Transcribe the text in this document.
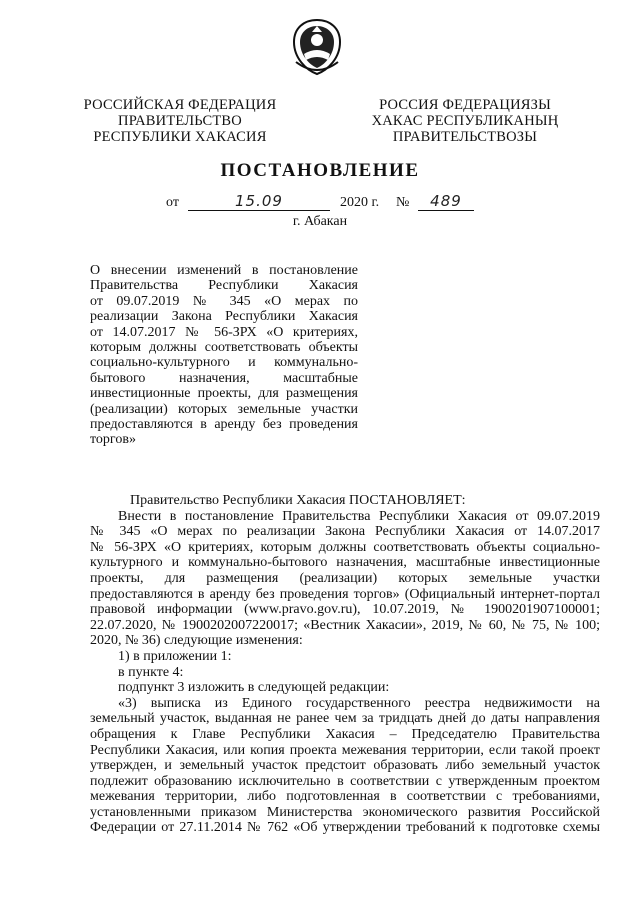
РОССИЙСКАЯ ФЕДЕРАЦИЯ
ПРАВИТЕЛЬСТВО
РЕСПУБЛИКИ ХАКАСИЯ
РОССИЯ ФЕДЕРАЦИЯЗЫ
ХАКАС РЕСПУБЛИКАНЫҢ
ПРАВИТЕЛЬСТВОЗЫ
ПОСТАНОВЛЕНИЕ
от	15.09	2020 г. №	489
г. Абакан
О внесении изменений в постановление
Правительства Республики Хакасия
от 09.07.2019 № 345 «О мерах по
реализации Закона Республики Хакасия
от 14.07.2017 № 56-ЗРХ «О критериях,
которым должны соответствовать объекты
социально-культурного и коммунально-
бытового назначения, масштабные
инвестиционные проекты, для размещения
(реализации) которых земельные участки
предоставляются в аренду без проведения
торгов»
Правительство Республики Хакасия ПОСТАНОВЛЯЕТ:
Внести в постановление Правительства Республики Хакасия от 09.07.2019
№ 345 «О мерах по реализации Закона Республики Хакасия от 14.07.2017
№ 56-ЗРХ «О критериях, которым должны соответствовать объекты социально-
культурного и коммунально-бытового назначения, масштабные инвестиционные
проекты, для размещения (реализации) которых земельные участки
предоставляются в аренду без проведения торгов» (Официальный интернет-портал
правовой информации (www.pravo.gov.ru), 10.07.2019, № 1900201907100001;
22.07.2020, № 1900202007220017; «Вестник Хакасии», 2019, № 60, № 75, № 100;
2020, № 36) следующие изменения:
1) в приложении 1:
в пункте 4:
подпункт 3 изложить в следующей редакции:
«3) выписка из Единого государственного реестра недвижимости на
земельный участок, выданная не ранее чем за тридцать дней до даты направления
обращения к Главе Республики Хакасия – Председателю Правительства
Республики Хакасия, или копия проекта межевания территории, если такой проект
утвержден, и земельный участок предстоит образовать либо земельный участок
подлежит образованию исключительно в соответствии с утвержденным проектом
межевания территории, либо подготовленная в соответствии с требованиями,
установленными приказом Министерства экономического развития Российской
Федерации от 27.11.2014 № 762 «Об утверждении требований к подготовке схемы
